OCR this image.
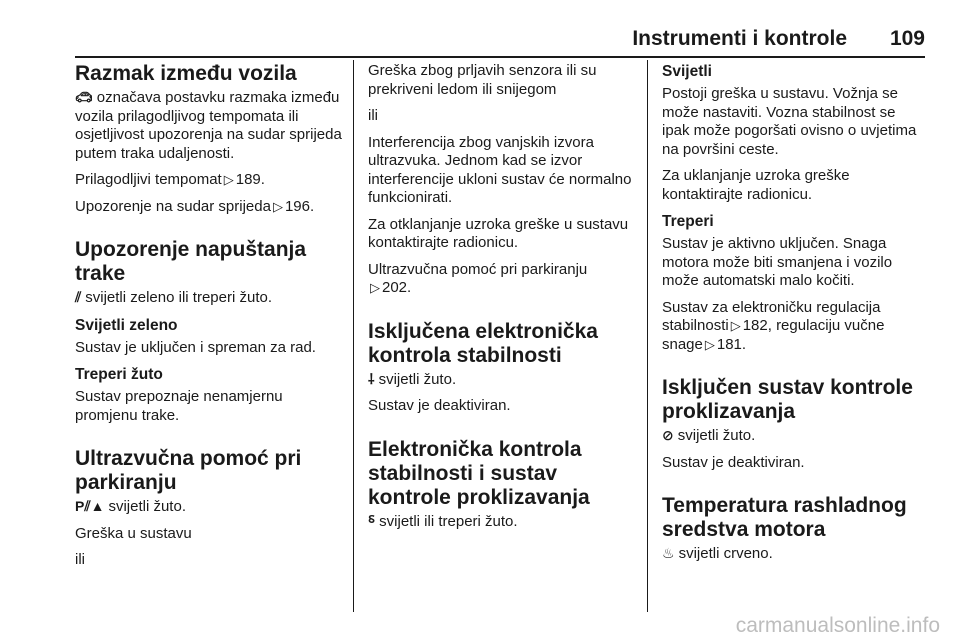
Instrumenti i kontrole 109
Razmak između vozila

🚗︎ označava postavku razmaka između vozila prilagodljivog tempomata ili osjetljivost upozorenja na sudar sprijeda putem traka udaljenosti.

Prilagodljivi tempomat ▷ 189.

Upozorenje na sudar sprijeda ▷ 196.

Upozorenje napuštanja trake

⫽ svijetli zeleno ili treperi žuto.

Svijetli zeleno

Sustav je uključen i spreman za rad.

Treperi žuto

Sustav prepoznaje nenamjernu promjenu trake.

Ultrazvučna pomoć pri parkiranju

P⫽▲ svijetli žuto.

Greška u sustavu

ili

Greška zbog prljavih senzora ili su prekriveni ledom ili snijegom

ili

Interferencija zbog vanjskih izvora ultrazvuka. Jednom kad se izvor interferencije ukloni sustav će normalno funkcionirati.

Za otklanjanje uzroka greške u sustavu kontaktirajte radionicu.

Ultrazvučna pomoć pri parkiranju
▷ 202.

Isključena elektronička kontrola stabilnosti

⸸ svijetli žuto.

Sustav je deaktiviran.

Elektronička kontrola stabilnosti i sustav kontrole proklizavanja

⸹ svijetli ili treperi žuto.

Svijetli

Postoji greška u sustavu. Vožnja se može nastaviti. Vozna stabilnost se ipak može pogoršati ovisno o uvjetima na površini ceste.

Za uklanjanje uzroka greške kontaktirajte radionicu.

Treperi

Sustav je aktivno uključen. Snaga motora može biti smanjena i vozilo može automatski malo kočiti.

Sustav za elektroničku regulacija stabilnosti ▷ 182, regulaciju vučne snage ▷ 181.

Isključen sustav kontrole proklizavanja

⊘ svijetli žuto.

Sustav je deaktiviran.

Temperatura rashladnog sredstva motora

♨ svijetli crveno.

carmanualsonline.info
